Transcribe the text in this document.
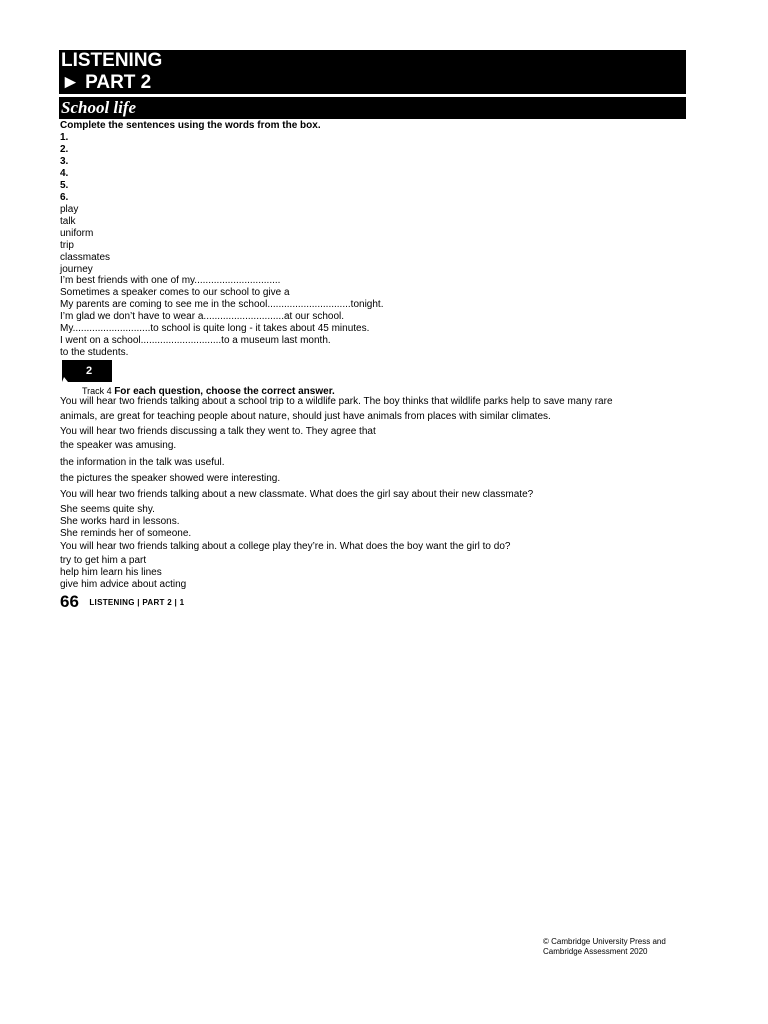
LISTENING
► PART 2
School life
Complete the sentences using the words from the box.
1.
2.
3.
4.
5.
6.
play
talk
uniform
trip
classmates
journey
I’m best friends with one of my...............................
Sometimes a speaker comes to our school to give a
My parents are coming to see me in the school..............................tonight.
I’m glad we don’t have to wear a.............................at our school.
My............................to school is quite long - it takes about 45 minutes.
I went on a school.............................to a museum last month.
to the students.
2
Track 4 For each question, choose the correct answer.
You will hear two friends talking about a school trip to a wildlife park. The boy thinks that wildlife parks help to save many rare
animals, are great for teaching people about nature, should just have animals from places with similar climates.
You will hear two friends discussing a talk they went to. They agree that
the speaker was amusing.
the information in the talk was useful.
the pictures the speaker showed were interesting.
You will hear two friends talking about a new classmate. What does the girl say about their new classmate?
She seems quite shy.
She works hard in lessons.
She reminds her of someone.
You will hear two friends talking about a college play they’re in. What does the boy want the girl to do?
try to get him a part
help him learn his lines
give him advice about acting
66 LISTENING | PART 2 | 1
© Cambridge University Press and
Cambridge Assessment 2020
